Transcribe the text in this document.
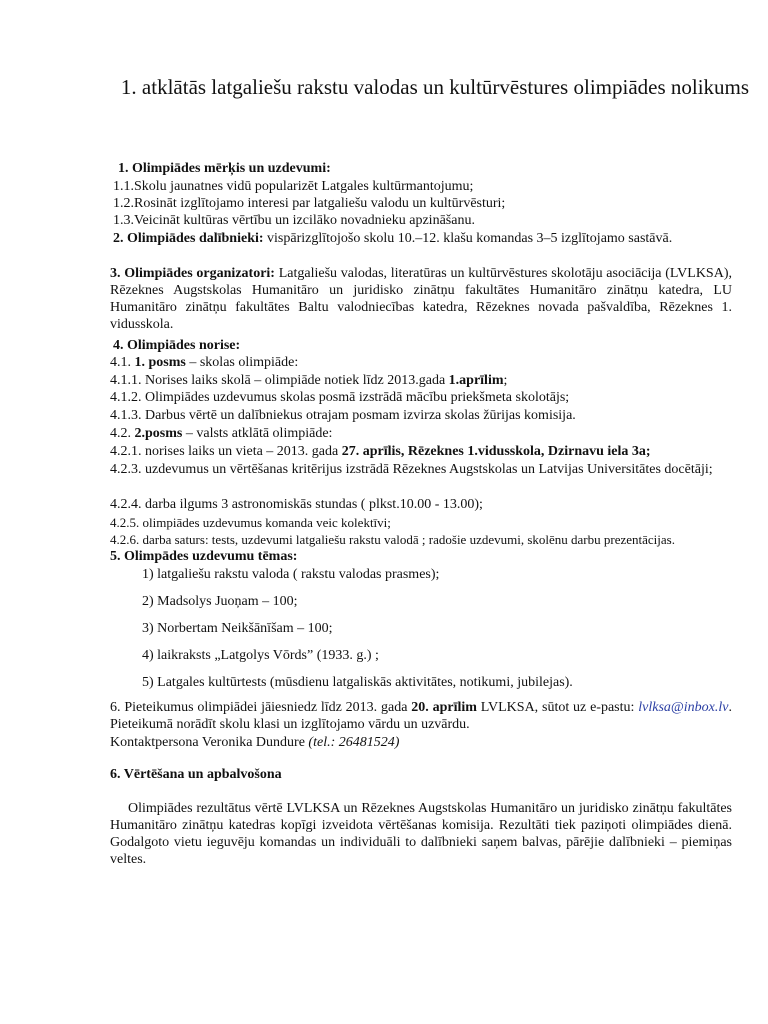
1. atklātās latgaliešu rakstu valodas un kultūrvēstures olimpiādes nolikums
1. Olimpiādes mērķis un uzdevumi:
1.1.Skolu jaunatnes vidū popularizēt Latgales kultūrmantojumu;
1.2.Rosināt izglītojamo interesi par latgaliešu valodu un kultūrvēsturi;
1.3.Veicināt kultūras vērtību un izcilāko novadnieku apzināšanu.
2. Olimpiādes dalībnieki: vispārizglītojošo skolu 10.–12. klašu komandas 3–5 izglītojamo sastāvā.
3. Olimpiādes organizatori: Latgaliešu valodas, literatūras un kultūrvēstures skolotāju asociācija (LVLKSA), Rēzeknes Augstskolas Humanitāro un juridisko zinātņu fakultātes Humanitāro zinātņu katedra, LU Humanitāro zinātņu fakultātes Baltu valodniecības katedra, Rēzeknes novada pašvaldība, Rēzeknes 1. vidusskola.
4. Olimpiādes norise:
4.1. 1. posms – skolas olimpiāde:
4.1.1. Norises laiks skolā – olimpiāde notiek līdz 2013.gada 1.aprīlim;
4.1.2. Olimpiādes uzdevumus skolas posmā izstrādā mācību priekšmeta skolotājs;
4.1.3. Darbus vērtē un dalībniekus otrajam posmam izvirza skolas žūrijas komisija.
4.2. 2.posms – valsts atklātā olimpiāde:
4.2.1. norises laiks un vieta – 2013. gada 27. aprīlis, Rēzeknes 1.vidusskola, Dzirnavu iela 3a;
4.2.3. uzdevumus un vērtēšanas kritērijus izstrādā Rēzeknes Augstskolas un Latvijas Universitātes docētāji;
4.2.4. darba ilgums 3 astronomiskās stundas ( plkst.10.00 - 13.00);
4.2.5. olimpiādes uzdevumus komanda veic kolektīvi;
4.2.6. darba saturs: tests, uzdevumi latgaliešu rakstu valodā ; radošie uzdevumi, skolēnu darbu prezentācijas.
5. Olimpādes uzdevumu tēmas:
1) latgaliešu rakstu valoda ( rakstu valodas prasmes);
2) Madsolys Juoņam – 100;
3) Norbertam Neikšānīšam – 100;
4) laikraksts „Latgolys Vōrds” (1933. g.) ;
5) Latgales kultūrtests (mūsdienu latgaliskās aktivitātes, notikumi, jubilejas).
6. Pieteikumus olimpiādei jāiesniedz līdz 2013. gada 20. aprīlim LVLKSA, sūtot uz e-pastu: lvlksa@inbox.lv. Pieteikumā norādīt skolu klasi un izglītojamo vārdu un uzvārdu.
Kontaktpersona Veronika Dundure (tel.: 26481524)
6. Vērtēšana un apbalvošona
Olimpiādes rezultātus vērtē LVLKSA un Rēzeknes Augstskolas Humanitāro un juridisko zinātņu fakultātes Humanitāro zinātņu katedras kopīgi izveidota vērtēšanas komisija. Rezultāti tiek paziņoti olimpiādes dienā. Godalgoto vietu ieguvēju komandas un individuāli to dalībnieki saņem balvas, pārējie dalībnieki – piemiņas veltes.
